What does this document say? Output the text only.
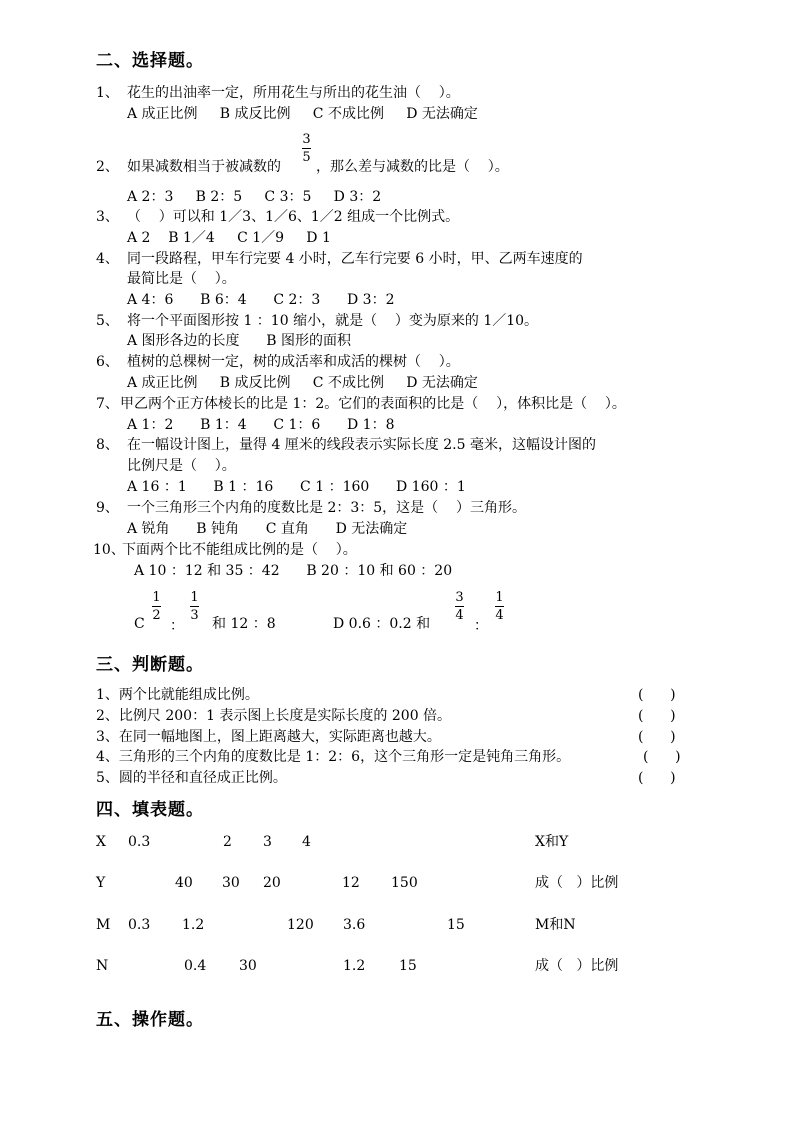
二、选择题。
1、 花生的出油率一定，所用花生与所出的花生油（    ）。
A 成正比例     B 成反比例     C 不成比例     D 无法确定
3
5
2、 如果减数相当于被减数的	，那么差与减数的比是（    ）。
A 2：3     B 2：5     C 3：5     D 3：2
3、 （    ）可以和 1／3、1／6、1／2 组成一个比例式。
A 2    B 1／4     C 1／9     D 1
4、 同一段路程，甲车行完要 4 小时，乙车行完要 6 小时，甲、乙两车速度的
最简比是（    ）。
A 4：6      B 6：4      C 2：3      D 3：2
5、 将一个平面图形按 1 ：10 缩小，就是（    ）变为原来的 1／10。
A 图形各边的长度      B 图形的面积
6、 植树的总棵树一定，树的成活率和成活的棵树（    ）。
A 成正比例     B 成反比例     C 不成比例     D 无法确定
7、 甲乙两个正方体棱长的比是 1：2。它们的表面积的比是（    ），体积比是（    ）。
A 1：2      B 1：4      C 1：6      D 1：8
8、 在一幅设计图上，量得 4 厘米的线段表示实际长度 2.5 毫米，这幅设计图的
比例尺是（    ）。
A 16 ：1      B 1 ：16      C 1 ：160      D 160 ：1
9、 一个三角形三个内角的度数比是 2：3：5，这是（    ）三角形。
A 锐角      B 钝角      C 直角      D 无法确定
10、
下面两个比不能组成比例的是（    ）。
A 10 ：12 和 35 ：42      B 20 ：10 和 60 ：20
C
1
2
：
1
3
和 12 ：8	D 0.6 ：0.2 和
3
4
：
1
4
三、判断题。
1、两个比就能组成比例。	(      )
2、比例尺 200：1 表示图上长度是实际长度的 200 倍。	(      )
3、在同一幅地图上，图上距离越大，实际距离也越大。	(      )
4、三角形的三个内角的度数比是 1：2：6，这个三角形一定是钝角三角形。	(      )
5、圆的半径和直径成正比例。	(      )
四、填表题。
X 0.3	2 3 4	X和Y
Y	40 30 20	12 150	成（   ）比例
M 0.3 1.2	120 3.6	15	M和N
N	0.4 30	1.2 15	成（   ）比例
五、操作题。
